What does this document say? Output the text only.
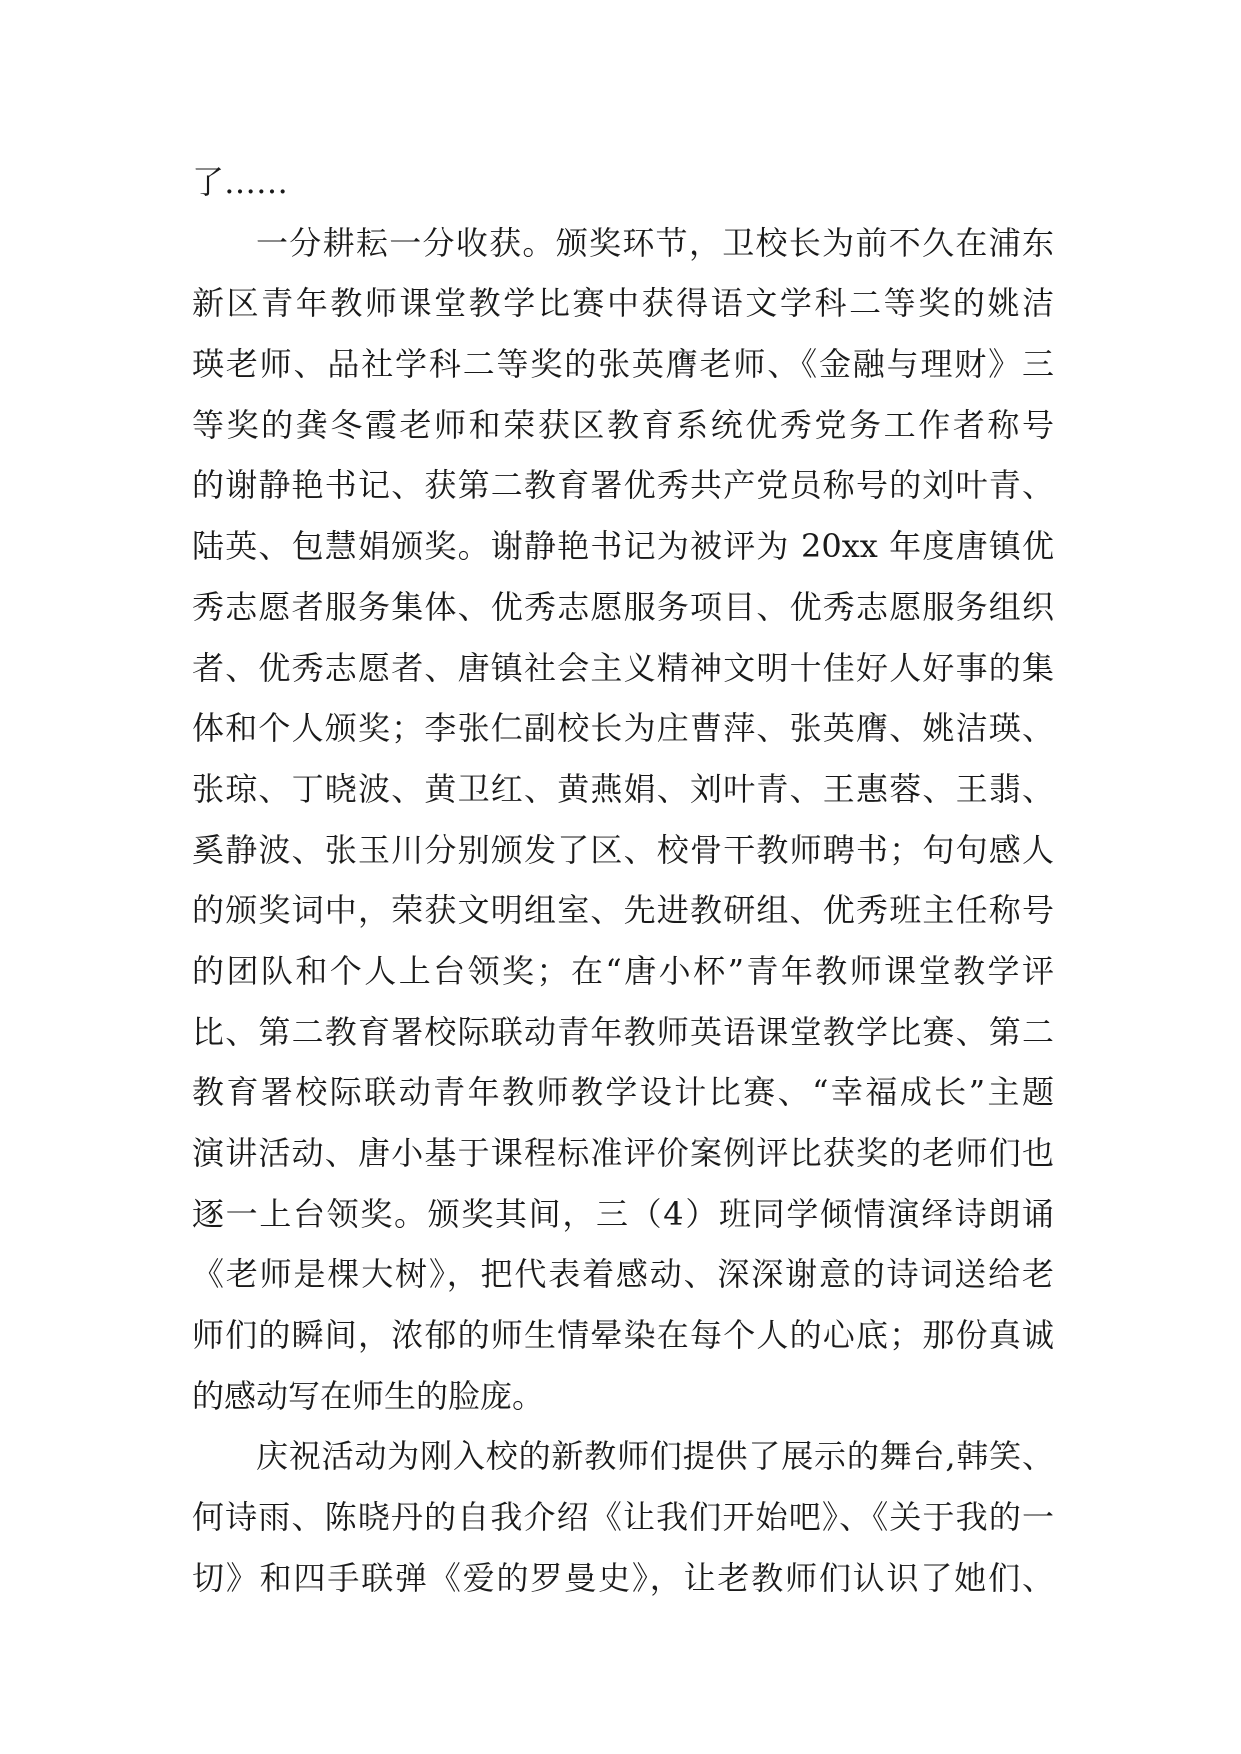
了……
一分耕耘一分收获。颁奖环节，卫校长为前不久在浦东
新区青年教师课堂教学比赛中获得语文学科二等奖的姚洁
瑛老师、品社学科二等奖的张英膺老师、《金融与理财》三
等奖的龚冬霞老师和荣获区教育系统优秀党务工作者称号
的谢静艳书记、获第二教育署优秀共产党员称号的刘叶青、
陆英、包慧娟颁奖。谢静艳书记为被评为 20xx 年度唐镇优
秀志愿者服务集体、优秀志愿服务项目、优秀志愿服务组织
者、优秀志愿者、唐镇社会主义精神文明十佳好人好事的集
体和个人颁奖；李张仁副校长为庄曹萍、张英膺、姚洁瑛、
张琼、丁晓波、黄卫红、黄燕娟、刘叶青、王惠蓉、王翡、
奚静波、张玉川分别颁发了区、校骨干教师聘书；句句感人
的颁奖词中，荣获文明组室、先进教研组、优秀班主任称号
的团队和个人上台领奖；在“唐小杯”青年教师课堂教学评
比、第二教育署校际联动青年教师英语课堂教学比赛、第二
教育署校际联动青年教师教学设计比赛、“幸福成长”主题
演讲活动、唐小基于课程标准评价案例评比获奖的老师们也
逐一上台领奖。颁奖其间，三（4）班同学倾情演绎诗朗诵
《老师是棵大树》，把代表着感动、深深谢意的诗词送给老
师们的瞬间，浓郁的师生情晕染在每个人的心底；那份真诚
的感动写在师生的脸庞。
庆祝活动为刚入校的新教师们提供了展示的舞台,韩笑、
何诗雨、陈晓丹的自我介绍《让我们开始吧》、《关于我的一
切》和四手联弹《爱的罗曼史》，让老教师们认识了她们、
